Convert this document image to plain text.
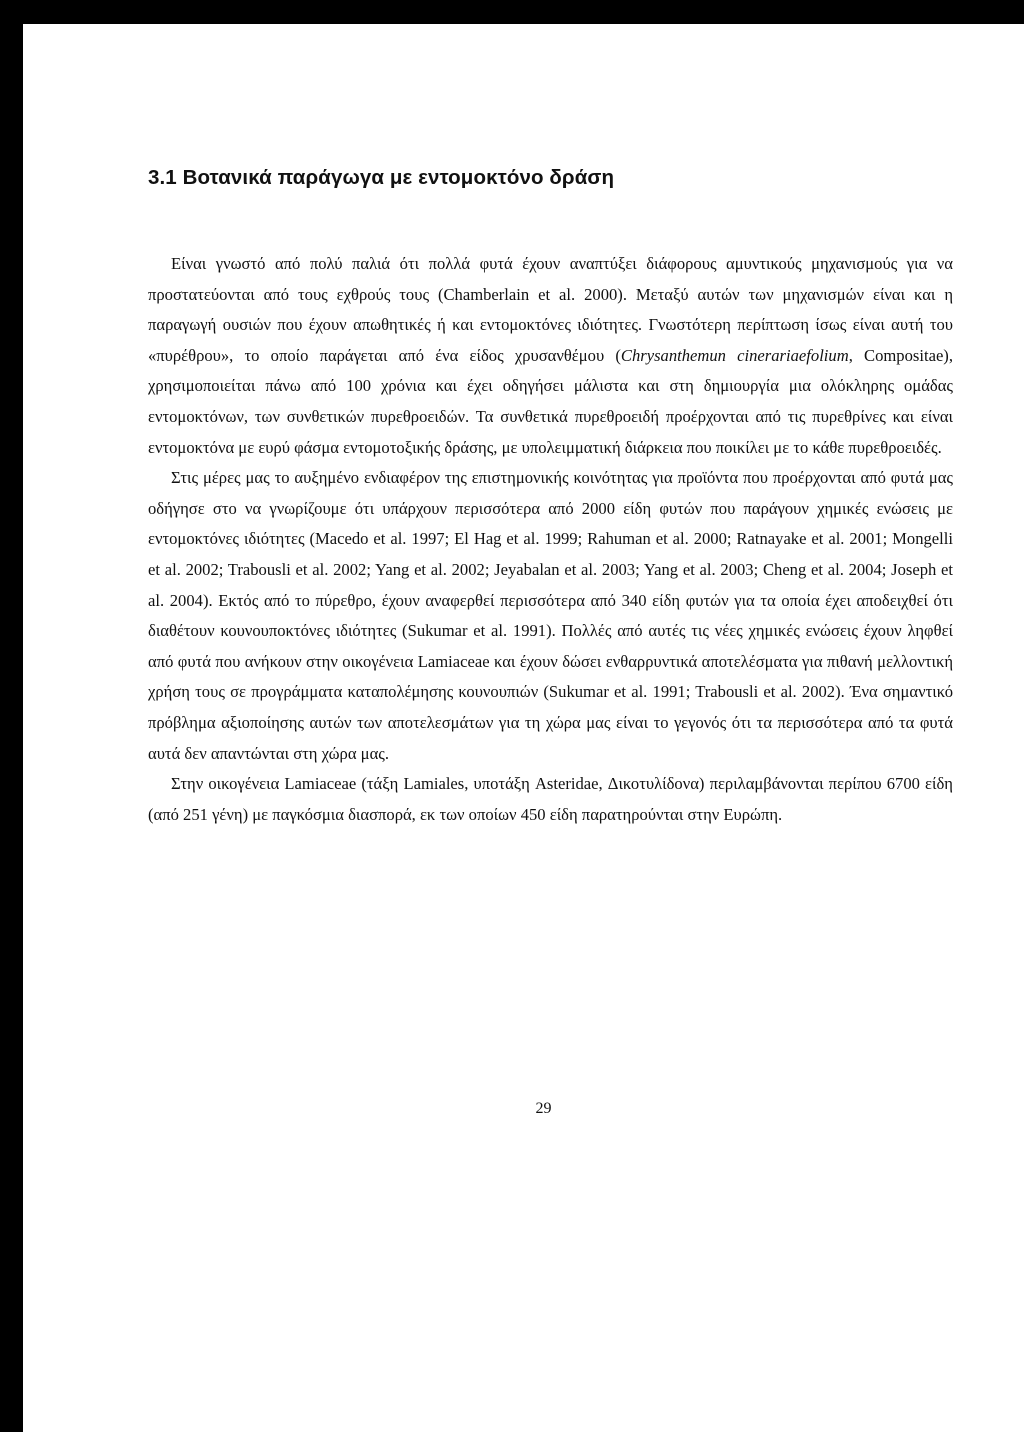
3.1 Βοτανικά παράγωγα με εντομοκτόνο δράση

Είναι γνωστό από πολύ παλιά ότι πολλά φυτά έχουν αναπτύξει διάφορους αμυντικούς μηχανισμούς για να προστατεύονται από τους εχθρούς τους (Chamberlain et al. 2000). Μεταξύ αυτών των μηχανισμών είναι και η παραγωγή ουσιών που έχουν απωθητικές ή και εντομοκτόνες ιδιότητες. Γνωστότερη περίπτωση ίσως είναι αυτή του «πυρέθρου», το οποίο παράγεται από ένα είδος χρυσανθέμου (Chrysanthemun cinerariaefolium, Compositae), χρησιμοποιείται πάνω από 100 χρόνια και έχει οδηγήσει μάλιστα και στη δημιουργία μια ολόκληρης ομάδας εντομοκτόνων, των συνθετικών πυρεθροειδών. Τα συνθετικά πυρεθροειδή προέρχονται από τις πυρεθρίνες και είναι εντομοκτόνα με ευρύ φάσμα εντομοτοξικής δράσης, με υπολειμματική διάρκεια που ποικίλει με το κάθε πυρεθροειδές.

Στις μέρες μας το αυξημένο ενδιαφέρον της επιστημονικής κοινότητας για προϊόντα που προέρχονται από φυτά μας οδήγησε στο να γνωρίζουμε ότι υπάρχουν περισσότερα από 2000 είδη φυτών που παράγουν χημικές ενώσεις με εντομοκτόνες ιδιότητες (Macedo et al. 1997; El Hag et al. 1999; Rahuman et al. 2000; Ratnayake et al. 2001; Mongelli et al. 2002; Trabousli et al. 2002; Yang et al. 2002; Jeyabalan et al. 2003; Yang et al. 2003; Cheng et al. 2004; Joseph et al. 2004). Εκτός από το πύρεθρο, έχουν αναφερθεί περισσότερα από 340 είδη φυτών για τα οποία έχει αποδειχθεί ότι διαθέτουν κουνουποκτόνες ιδιότητες (Sukumar et al. 1991). Πολλές από αυτές τις νέες χημικές ενώσεις έχουν ληφθεί από φυτά που ανήκουν στην οικογένεια Lamiaceae και έχουν δώσει ενθαρρυντικά αποτελέσματα για πιθανή μελλοντική χρήση τους σε προγράμματα καταπολέμησης κουνουπιών (Sukumar et al. 1991; Trabousli et al. 2002). Ένα σημαντικό πρόβλημα αξιοποίησης αυτών των αποτελεσμάτων για τη χώρα μας είναι το γεγονός ότι τα περισσότερα από τα φυτά αυτά δεν απαντώνται στη χώρα μας.

Στην οικογένεια Lamiaceae (τάξη Lamiales, υποτάξη Asteridae, Δικοτυλίδονα) περιλαμβάνονται περίπου 6700 είδη (από 251 γένη) με παγκόσμια διασπορά, εκ των οποίων 450 είδη παρατηρούνται στην Ευρώπη.

29
